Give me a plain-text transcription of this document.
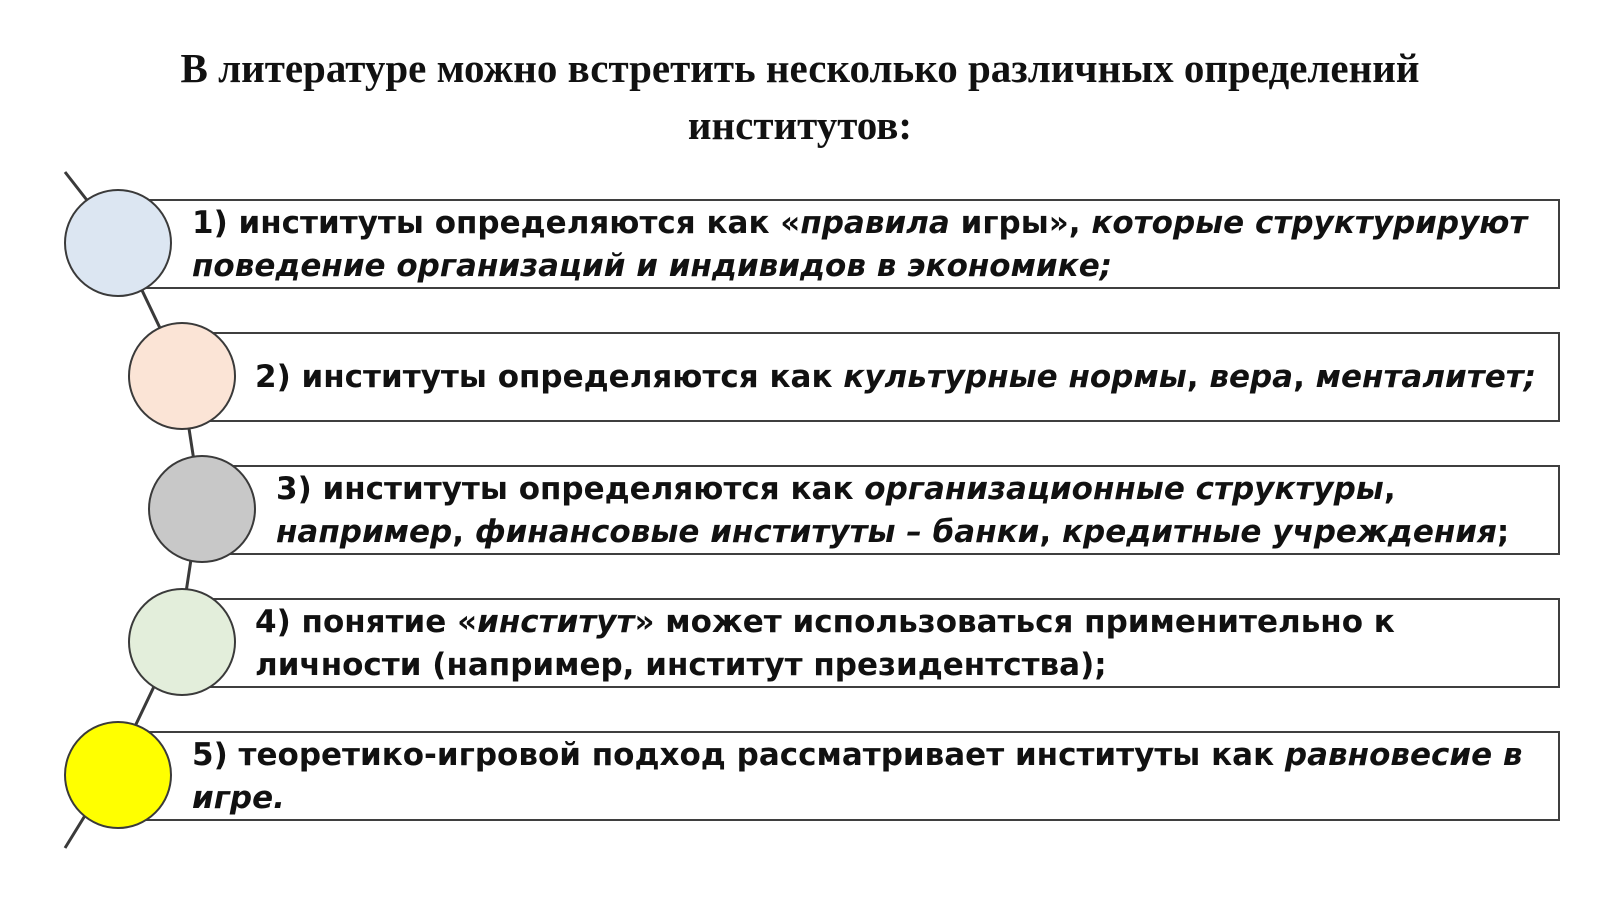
В литературе можно встретить несколько различных определений
институтов:
1) институты определяются как «правила игры», которые структурируют
поведение организаций и индивидов в экономике;
2) институты определяются как культурные нормы, вера, менталитет;
3) институты определяются как организационные структуры,
например, финансовые институты – банки, кредитные учреждения;
4) понятие «институт» может использоваться применительно к
личности (например, институт президентства);
5) теоретико-игровой подход рассматривает институты как равновесие в
игре.
